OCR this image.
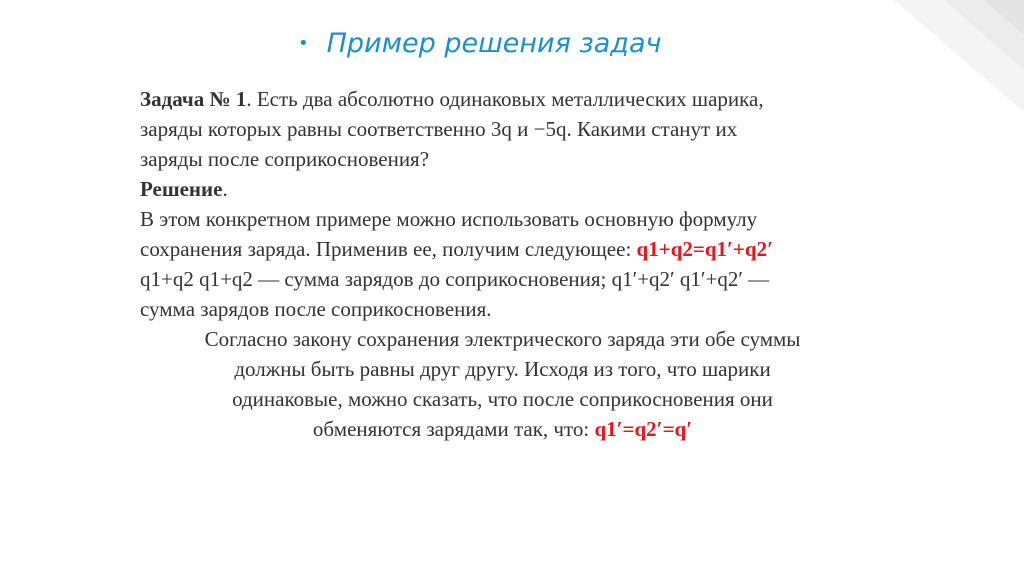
• Пример решения задач
Задача № 1. Есть два абсолютно одинаковых металлических шарика,
заряды которых равны соответственно 3q и −5q. Какими станут их
заряды после соприкосновения?
Решение.
В этом конкретном примере можно использовать основную формулу
сохранения заряда. Применив ее, получим следующее: q1+q2=q1′+q2′
q1+q2 q1+q2 — сумма зарядов до соприкосновения; q1′+q2′ q1′+q2′ —
сумма зарядов после соприкосновения.
Согласно закону сохранения электрического заряда эти обе суммы
должны быть равны друг другу. Исходя из того, что шарики
одинаковые, можно сказать, что после соприкосновения они
обменяются зарядами так, что: q1′=q2′=q′
